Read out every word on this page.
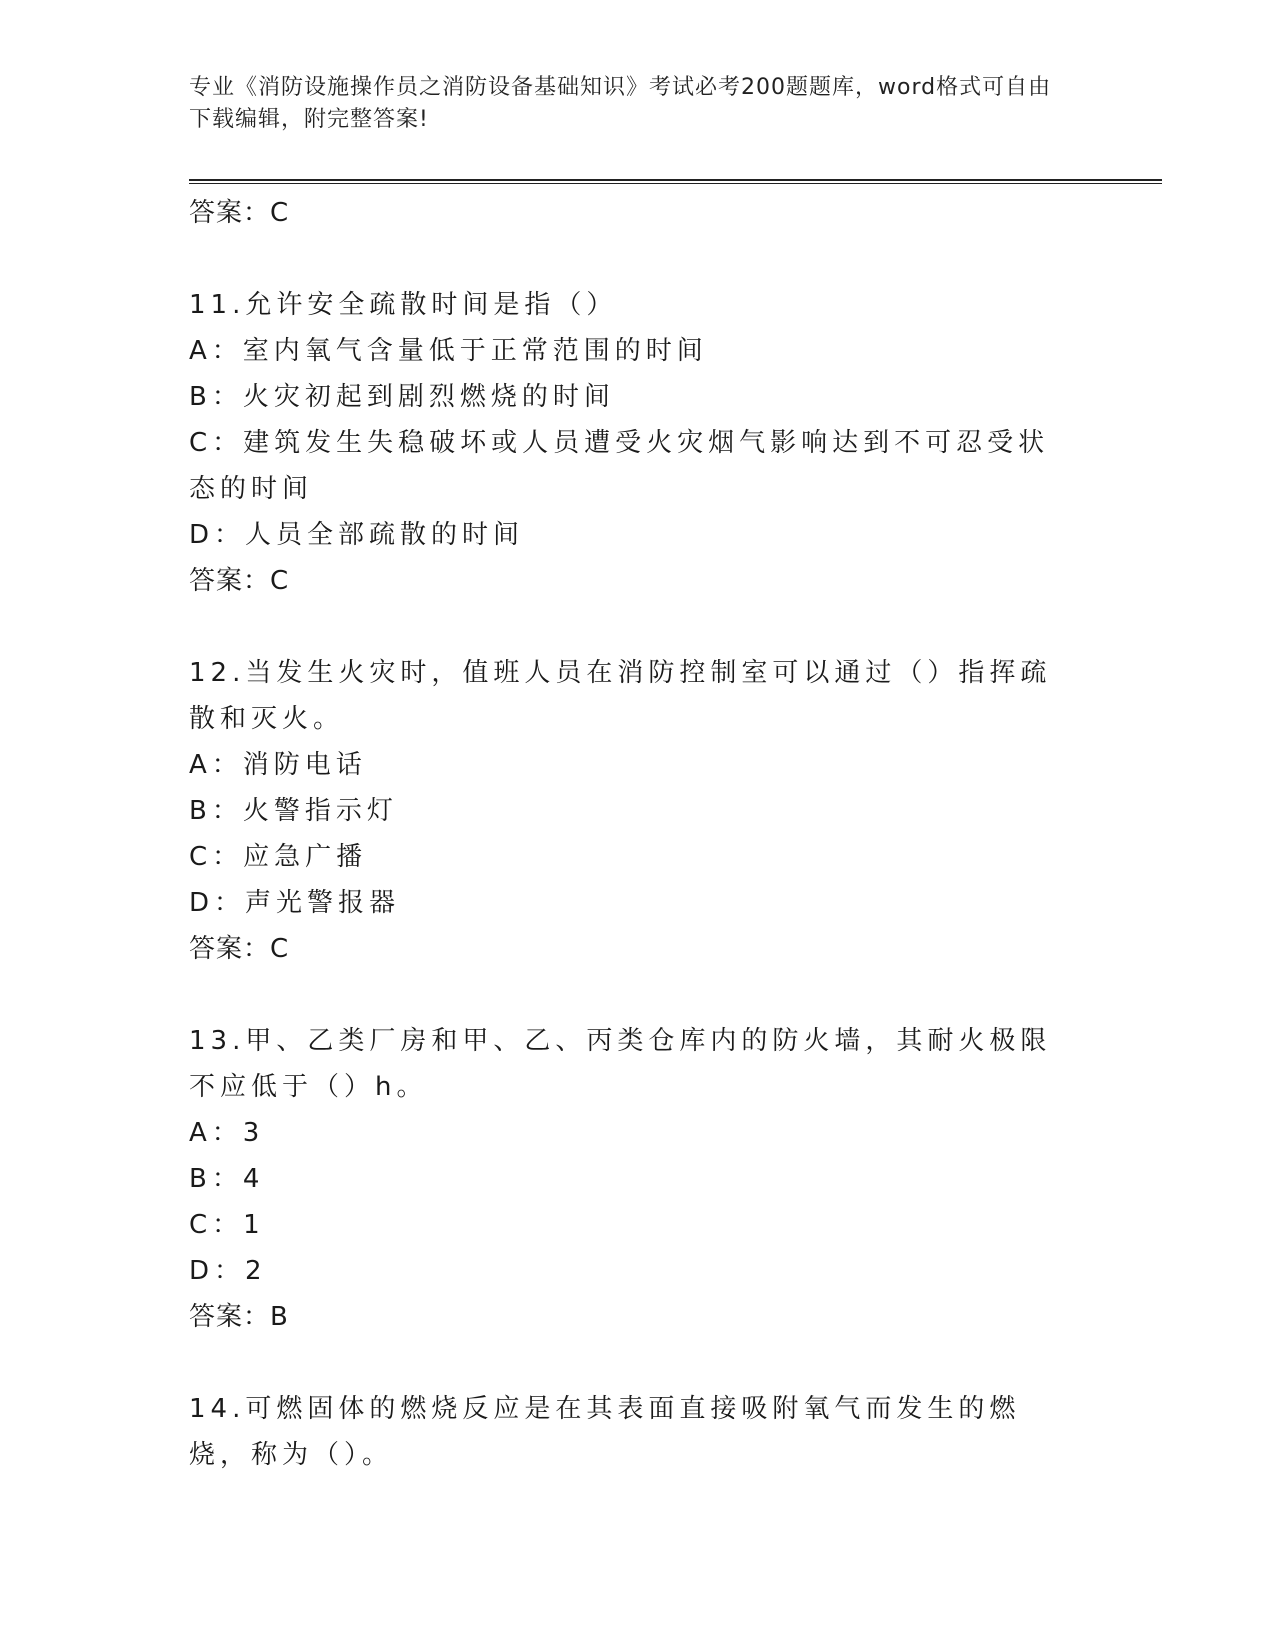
专业《消防设施操作员之消防设备基础知识》考试必考200题题库，word格式可自由下载编辑，附完整答案!
答案：C
11.允许安全疏散时间是指（）
A：室内氧气含量低于正常范围的时间
B：火灾初起到剧烈燃烧的时间
C：建筑发生失稳破坏或人员遭受火灾烟气影响达到不可忍受状态的时间
D：人员全部疏散的时间
答案：C
12.当发生火灾时，值班人员在消防控制室可以通过（）指挥疏散和灭火。
A：消防电话
B：火警指示灯
C：应急广播
D：声光警报器
答案：C
13.甲、乙类厂房和甲、乙、丙类仓库内的防火墙，其耐火极限不应低于（）h。
A：3
B：4
C：1
D：2
答案：B
14.可燃固体的燃烧反应是在其表面直接吸附氧气而发生的燃烧，称为（）。
